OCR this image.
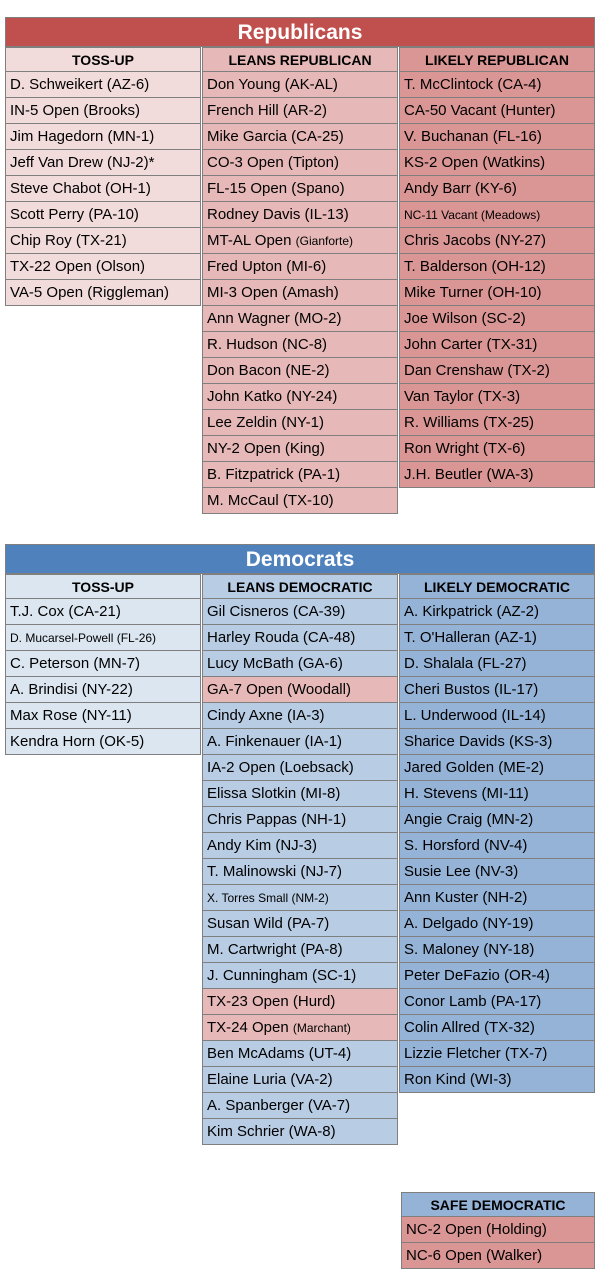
Republicans
TOSS-UP
D. Schweikert (AZ-6)
IN-5 Open (Brooks)
Jim Hagedorn (MN-1)
Jeff Van Drew (NJ-2)*
Steve Chabot (OH-1)
Scott Perry (PA-10)
Chip Roy (TX-21)
TX-22 Open (Olson)
VA-5 Open (Riggleman)
LEANS REPUBLICAN
Don Young (AK-AL)
French Hill (AR-2)
Mike Garcia (CA-25)
CO-3 Open (Tipton)
FL-15 Open (Spano)
Rodney Davis (IL-13)
MT-AL Open (Gianforte)
Fred Upton (MI-6)
MI-3 Open (Amash)
Ann Wagner (MO-2)
R. Hudson (NC-8)
Don Bacon (NE-2)
John Katko (NY-24)
Lee Zeldin (NY-1)
NY-2 Open (King)
B. Fitzpatrick (PA-1)
M. McCaul (TX-10)
LIKELY REPUBLICAN
T. McClintock (CA-4)
CA-50 Vacant (Hunter)
V. Buchanan (FL-16)
KS-2 Open (Watkins)
Andy Barr (KY-6)
NC-11 Vacant (Meadows)
Chris Jacobs (NY-27)
T. Balderson (OH-12)
Mike Turner (OH-10)
Joe Wilson (SC-2)
John Carter (TX-31)
Dan Crenshaw (TX-2)
Van Taylor (TX-3)
R. Williams (TX-25)
Ron Wright (TX-6)
J.H. Beutler (WA-3)
Democrats
TOSS-UP
T.J. Cox (CA-21)
D. Mucarsel-Powell (FL-26)
C. Peterson (MN-7)
A. Brindisi (NY-22)
Max Rose (NY-11)
Kendra Horn (OK-5)
LEANS DEMOCRATIC
Gil Cisneros (CA-39)
Harley Rouda (CA-48)
Lucy McBath (GA-6)
GA-7 Open (Woodall)
Cindy Axne (IA-3)
A. Finkenauer (IA-1)
IA-2 Open (Loebsack)
Elissa Slotkin (MI-8)
Chris Pappas (NH-1)
Andy Kim (NJ-3)
T. Malinowski (NJ-7)
X. Torres Small (NM-2)
Susan Wild (PA-7)
M. Cartwright (PA-8)
J. Cunningham (SC-1)
TX-23 Open (Hurd)
TX-24 Open (Marchant)
Ben McAdams (UT-4)
Elaine Luria (VA-2)
A. Spanberger (VA-7)
Kim Schrier (WA-8)
LIKELY DEMOCRATIC
A. Kirkpatrick (AZ-2)
T. O'Halleran (AZ-1)
D. Shalala (FL-27)
Cheri Bustos (IL-17)
L. Underwood (IL-14)
Sharice Davids (KS-3)
Jared Golden (ME-2)
H. Stevens (MI-11)
Angie Craig (MN-2)
S. Horsford (NV-4)
Susie Lee (NV-3)
Ann Kuster (NH-2)
A. Delgado (NY-19)
S. Maloney (NY-18)
Peter DeFazio (OR-4)
Conor Lamb (PA-17)
Colin Allred (TX-32)
Lizzie Fletcher (TX-7)
Ron Kind (WI-3)
SAFE DEMOCRATIC
NC-2 Open (Holding)
NC-6 Open (Walker)
